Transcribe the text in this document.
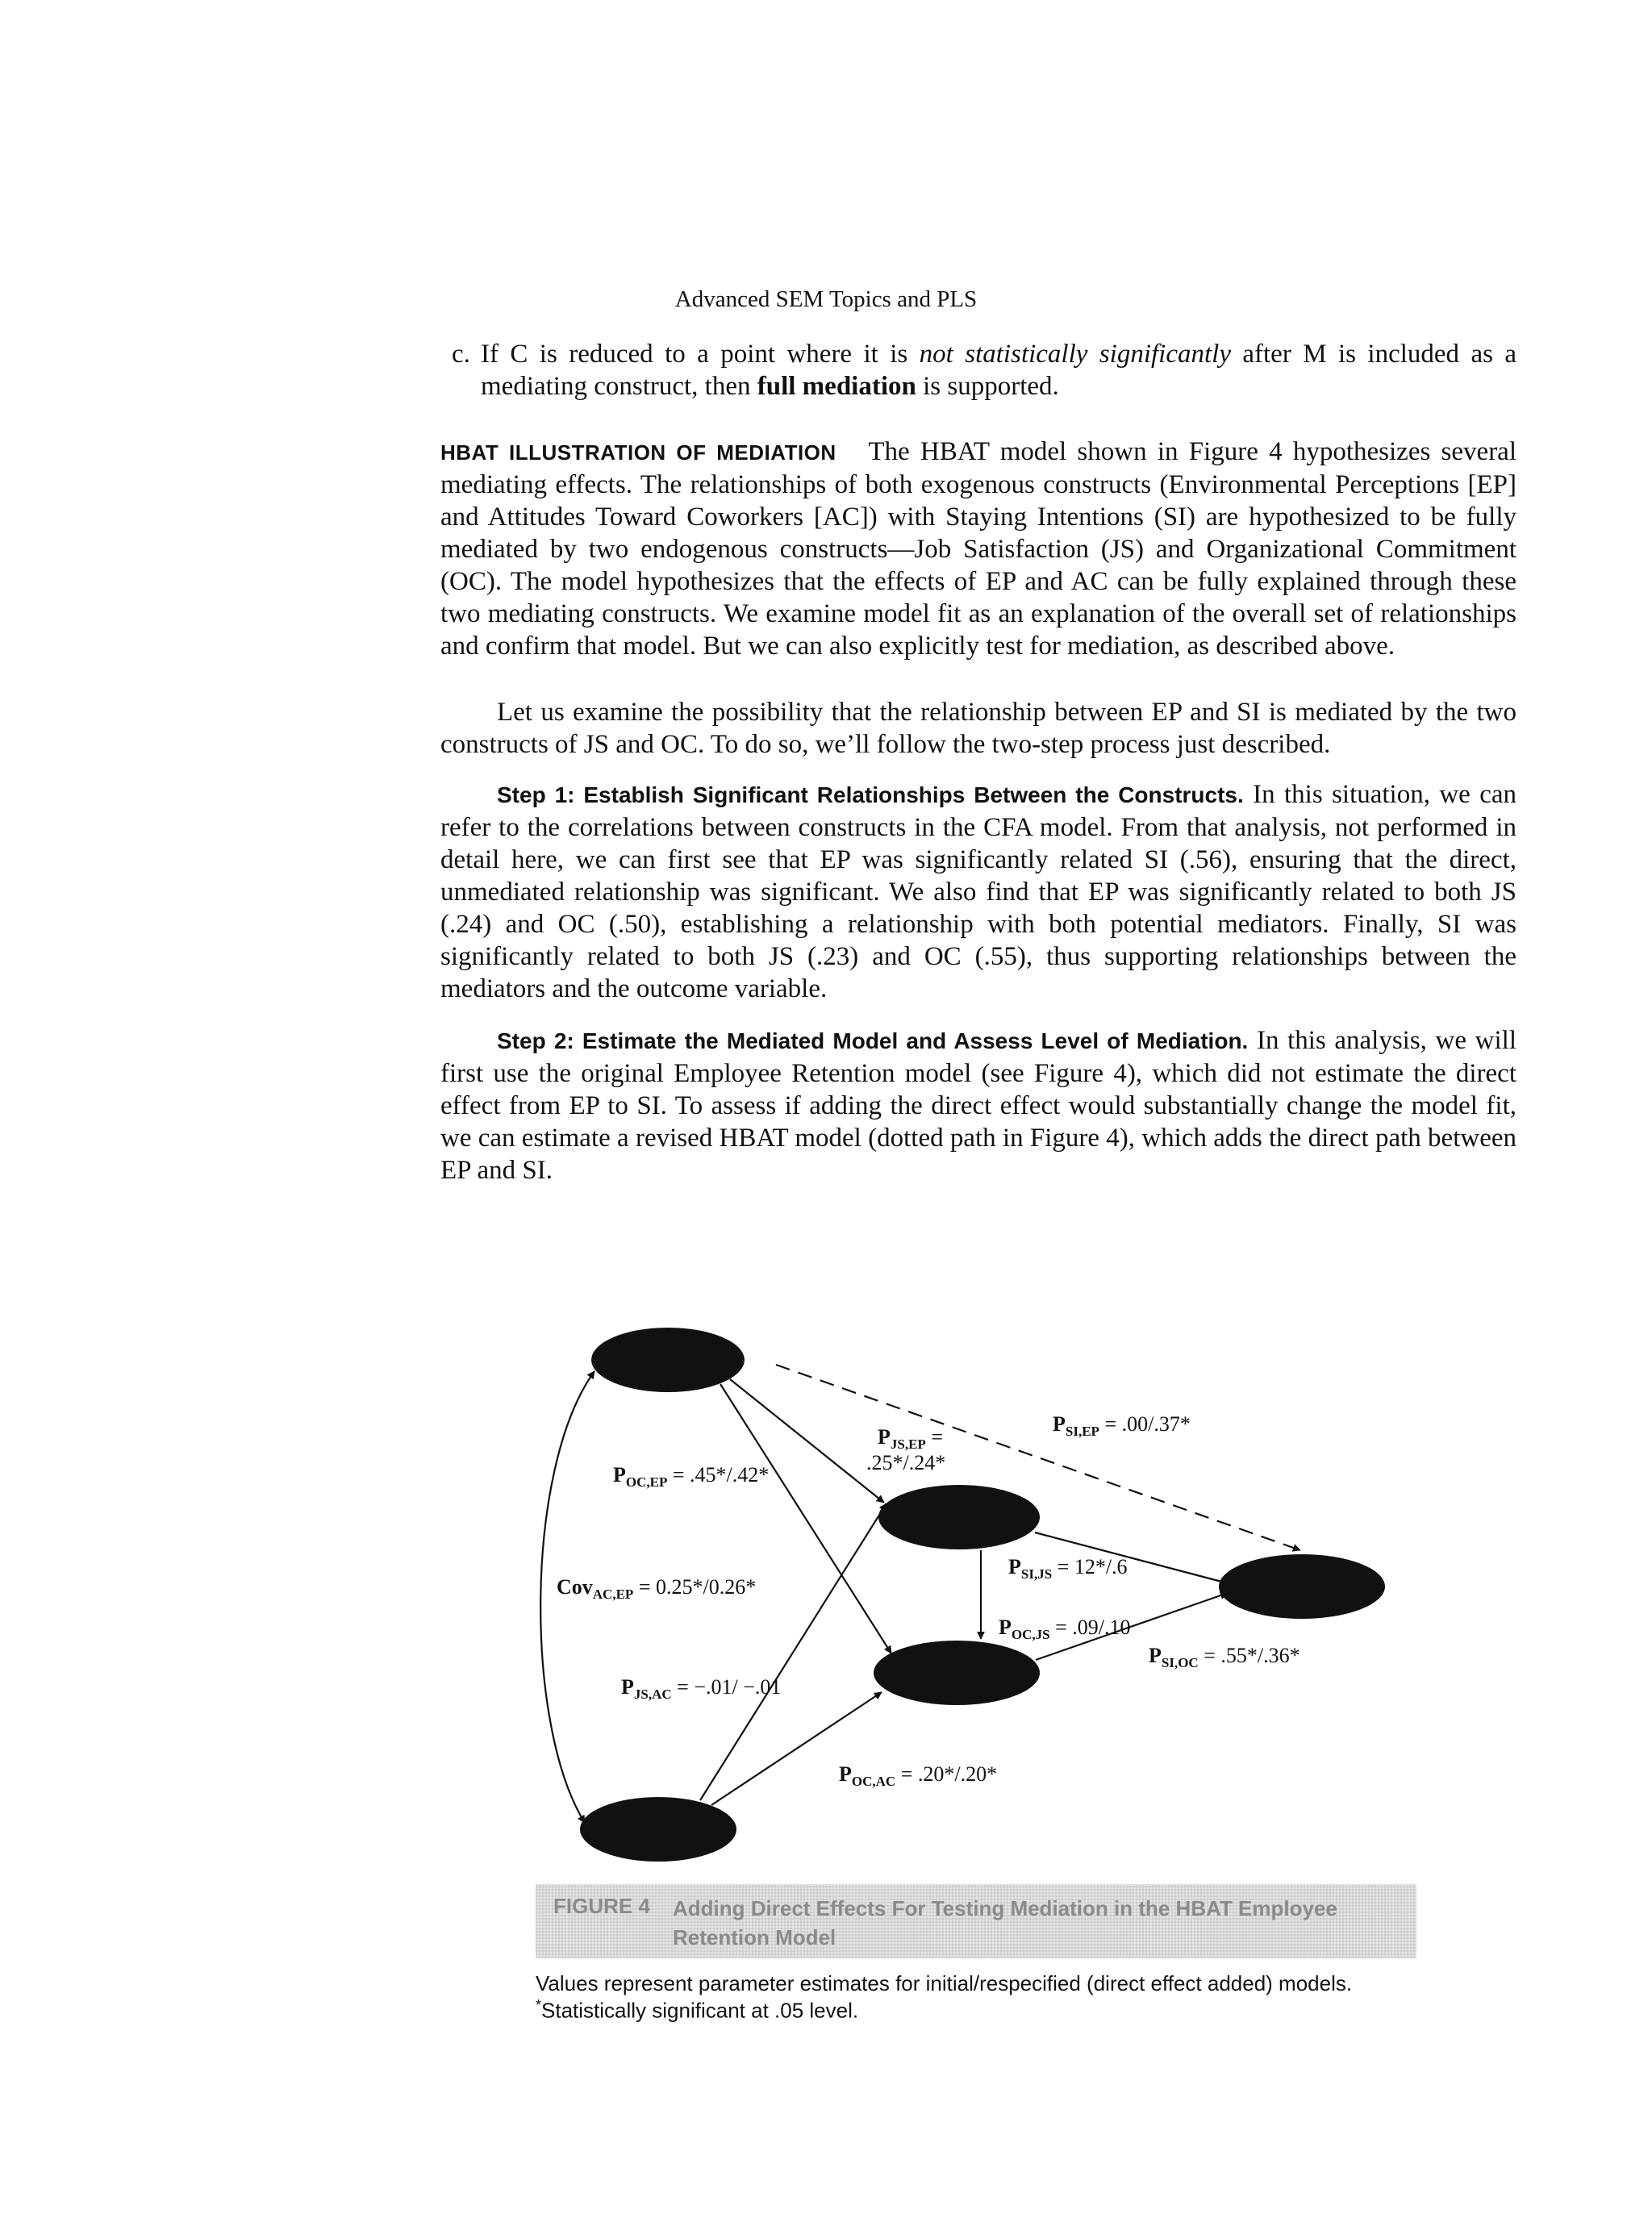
Advanced SEM Topics and PLS
c. If C is reduced to a point where it is not statistically significantly after M is included as a mediating construct, then full mediation is supported.
HBAT ILLUSTRATION OF MEDIATION The HBAT model shown in Figure 4 hypothesizes several mediating effects. The relationships of both exogenous constructs (Environmental Perceptions [EP] and Attitudes Toward Coworkers [AC]) with Staying Intentions (SI) are hypothesized to be fully mediated by two endogenous constructs—Job Satisfaction (JS) and Organizational Commitment (OC). The model hypothesizes that the effects of EP and AC can be fully explained through these two mediating constructs. We examine model fit as an explanation of the overall set of relationships and confirm that model. But we can also explicitly test for mediation, as described above.
Let us examine the possibility that the relationship between EP and SI is mediated by the two constructs of JS and OC. To do so, we’ll follow the two-step process just described.
Step 1: Establish Significant Relationships Between the Constructs. In this situation, we can refer to the correlations between constructs in the CFA model. From that analysis, not performed in detail here, we can first see that EP was significantly related SI (.56), ensuring that the direct, unmediated relationship was significant. We also find that EP was significantly related to both JS (.24) and OC (.50), establishing a relationship with both potential mediators. Finally, SI was significantly related to both JS (.23) and OC (.55), thus supporting relationships between the mediators and the outcome variable.
Step 2: Estimate the Mediated Model and Assess Level of Mediation. In this analysis, we will first use the original Employee Retention model (see Figure 4), which did not estimate the direct effect from EP to SI. To assess if adding the direct effect would substantially change the model fit, we can estimate a revised HBAT model (dotted path in Figure 4), which adds the direct path between EP and SI.
$P_{SI,EP} = .00/.37*$
$P_{JS,EP}$ =
.25*/.24*
$P_{OC,EP} = .45*/.42*$
$P_{SI,JS} = 12*/.6$
Cov$_{AC,EP}$ = 0.25*/0.26*
$P_{OC,JS} = .09/.10$
$P_{SI,OC} = .55*/.36*$
$P_{JS,AC} = -.01/ -.01$
$P_{OC,AC} = .20*/.20*$
FIGURE 4 Adding Direct Effects For Testing Mediation in the HBAT Employee Retention Model
Values represent parameter estimates for initial/respecified (direct effect added) models.
*Statistically significant at .05 level.
